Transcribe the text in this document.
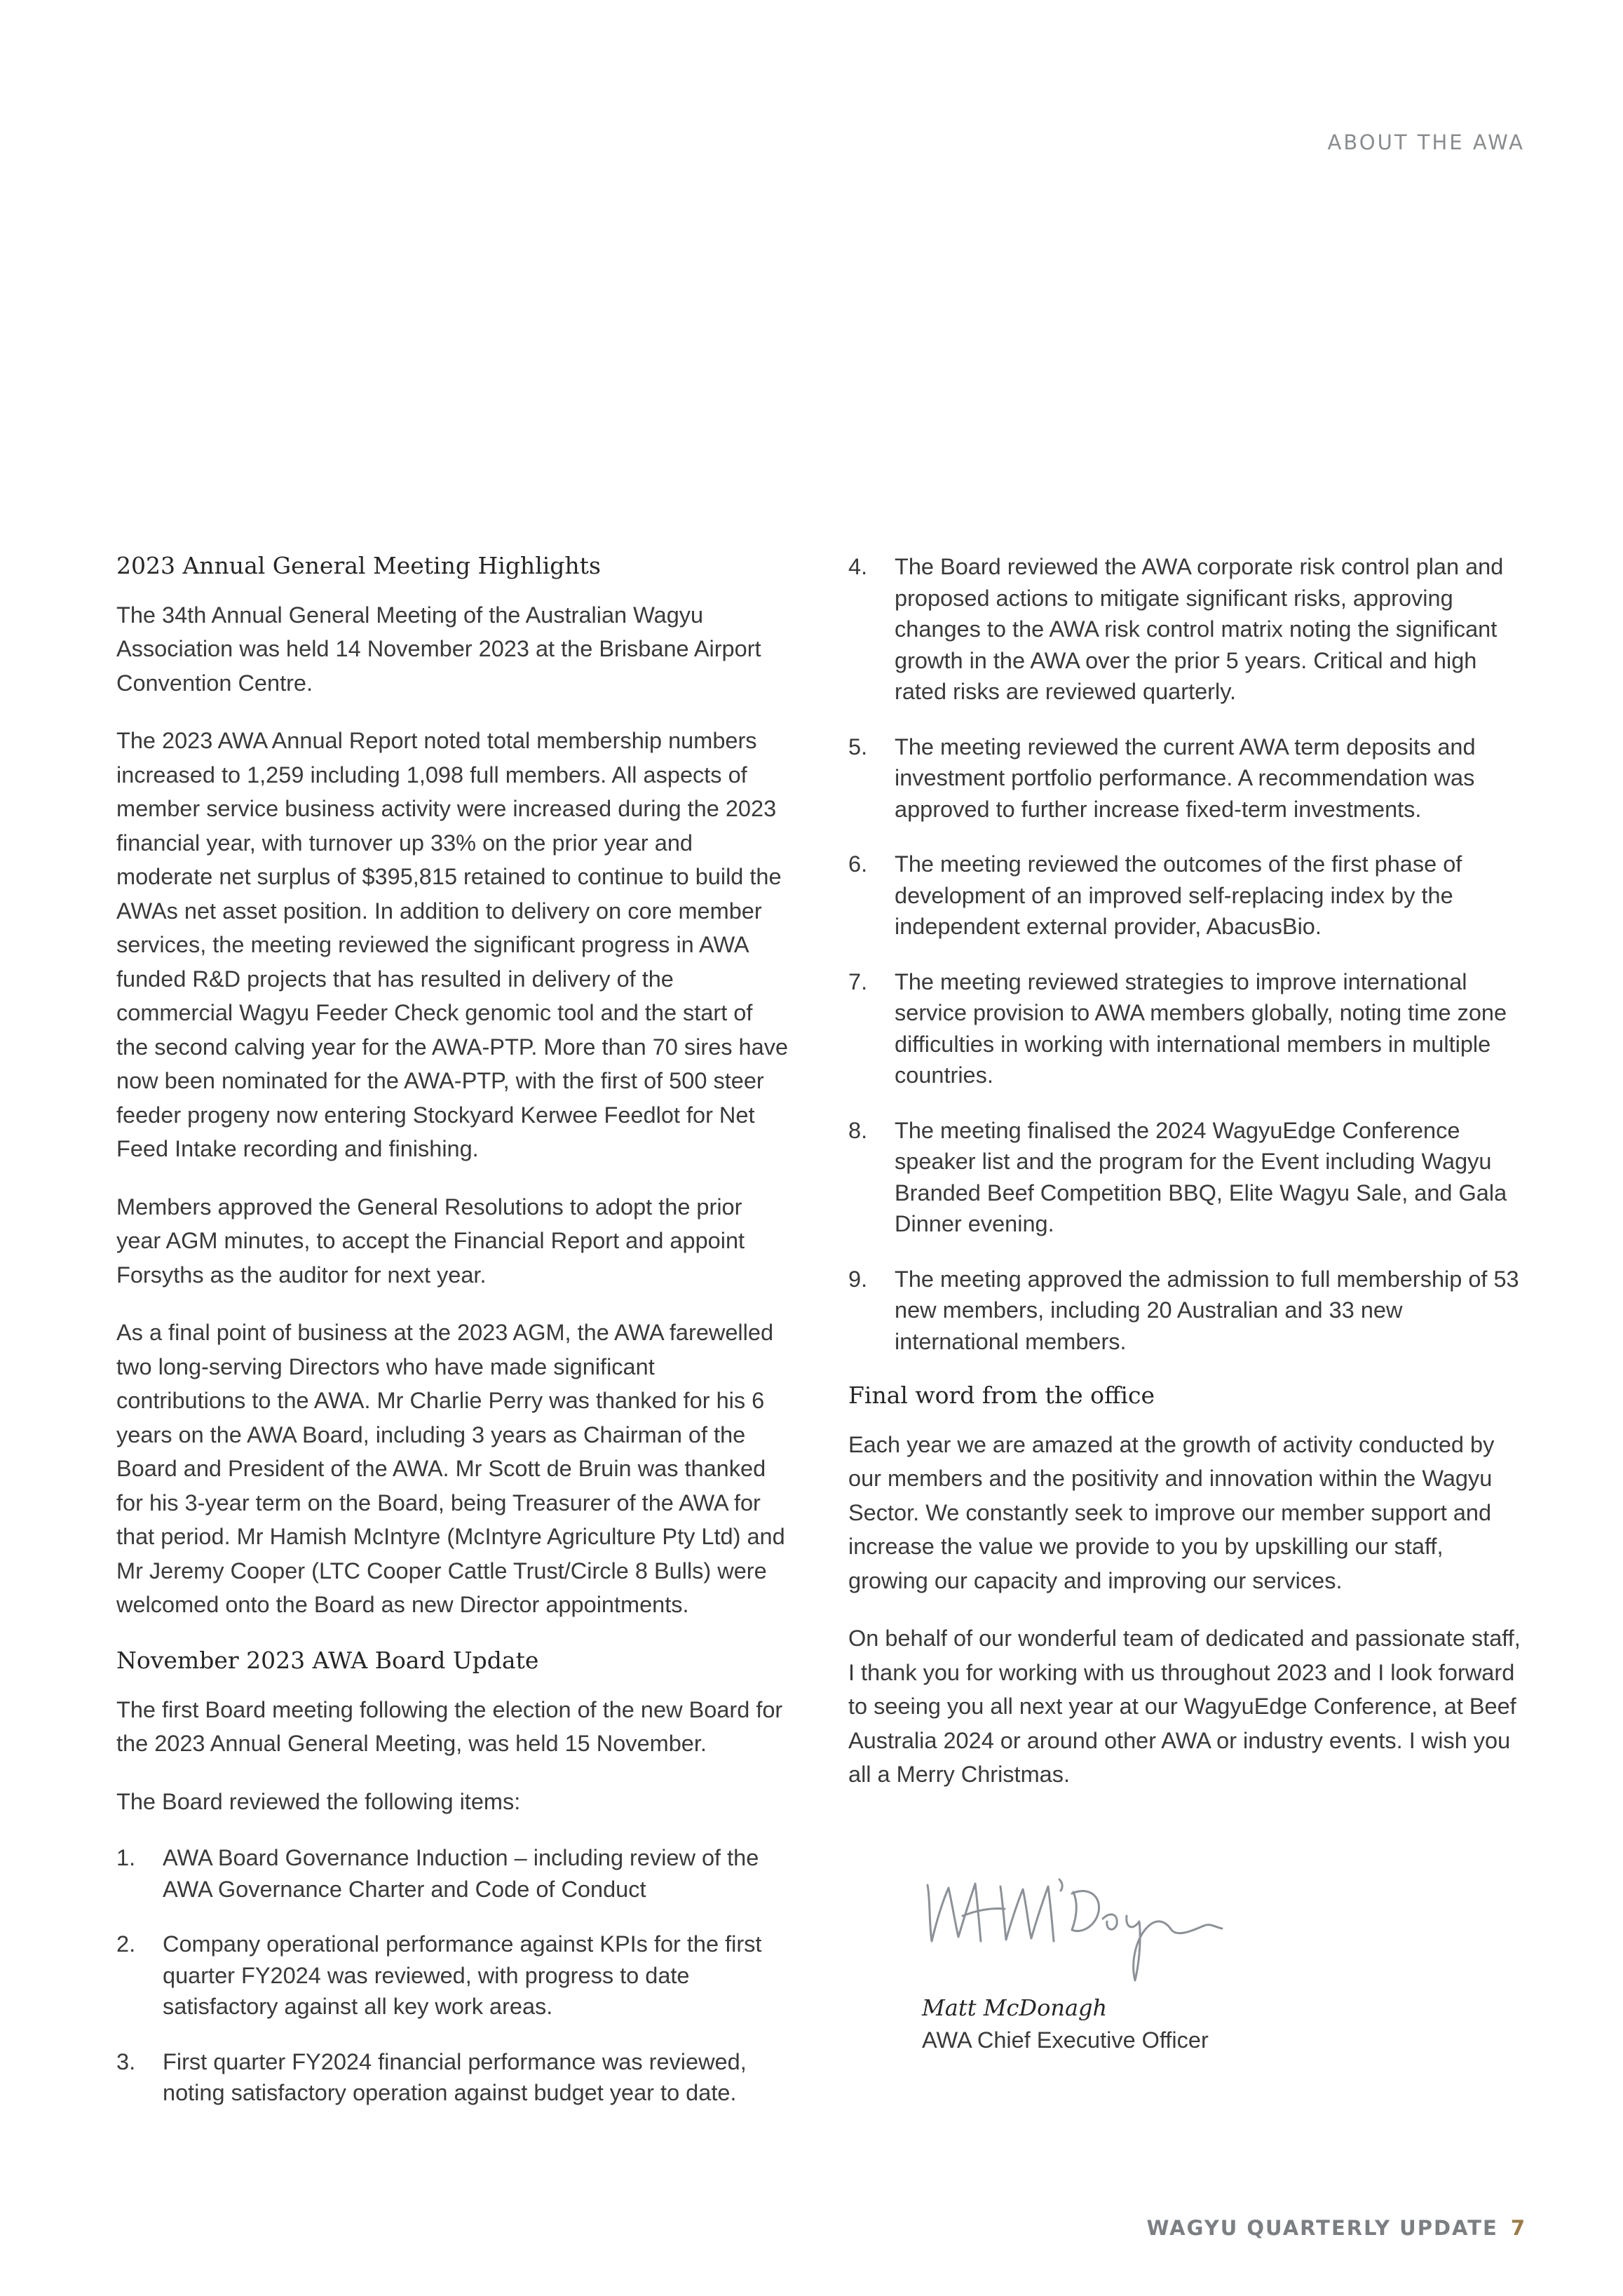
ABOUT THE AWA
2023 Annual General Meeting Highlights

The 34th Annual General Meeting of the Australian Wagyu Association was held 14 November 2023 at the Brisbane Airport Convention Centre.

The 2023 AWA Annual Report noted total membership numbers increased to 1,259 including 1,098 full members. All aspects of member service business activity were increased during the 2023 financial year, with turnover up 33% on the prior year and moderate net surplus of $395,815 retained to continue to build the AWAs net asset position. In addition to delivery on core member services, the meeting reviewed the significant progress in AWA funded R&D projects that has resulted in delivery of the commercial Wagyu Feeder Check genomic tool and the start of the second calving year for the AWA-PTP. More than 70 sires have now been nominated for the AWA-PTP, with the first of 500 steer feeder progeny now entering Stockyard Kerwee Feedlot for Net Feed Intake recording and finishing.

Members approved the General Resolutions to adopt the prior year AGM minutes, to accept the Financial Report and appoint Forsyths as the auditor for next year.

As a final point of business at the 2023 AGM, the AWA farewelled two long-serving Directors who have made significant contributions to the AWA. Mr Charlie Perry was thanked for his 6 years on the AWA Board, including 3 years as Chairman of the Board and President of the AWA. Mr Scott de Bruin was thanked for his 3-year term on the Board, being Treasurer of the AWA for that period. Mr Hamish McIntyre (McIntyre Agriculture Pty Ltd) and Mr Jeremy Cooper (LTC Cooper Cattle Trust/Circle 8 Bulls) were welcomed onto the Board as new Director appointments.

November 2023 AWA Board Update

The first Board meeting following the election of the new Board for the 2023 Annual General Meeting, was held 15 November.

The Board reviewed the following items:

1. AWA Board Governance Induction – including review of the AWA Governance Charter and Code of Conduct
2. Company operational performance against KPIs for the first quarter FY2024 was reviewed, with progress to date satisfactory against all key work areas.
3. First quarter FY2024 financial performance was reviewed, noting satisfactory operation against budget year to date.
4. The Board reviewed the AWA corporate risk control plan and proposed actions to mitigate significant risks, approving changes to the AWA risk control matrix noting the significant growth in the AWA over the prior 5 years. Critical and high rated risks are reviewed quarterly.
5. The meeting reviewed the current AWA term deposits and investment portfolio performance. A recommendation was approved to further increase fixed-term investments.
6. The meeting reviewed the outcomes of the first phase of development of an improved self-replacing index by the independent external provider, AbacusBio.
7. The meeting reviewed strategies to improve international service provision to AWA members globally, noting time zone difficulties in working with international members in multiple countries.
8. The meeting finalised the 2024 WagyuEdge Conference speaker list and the program for the Event including Wagyu Branded Beef Competition BBQ, Elite Wagyu Sale, and Gala Dinner evening.
9. The meeting approved the admission to full membership of 53 new members, including 20 Australian and 33 new international members.
Final word from the office

Each year we are amazed at the growth of activity conducted by our members and the positivity and innovation within the Wagyu Sector. We constantly seek to improve our member support and increase the value we provide to you by upskilling our staff, growing our capacity and improving our services.

On behalf of our wonderful team of dedicated and passionate staff, I thank you for working with us throughout 2023 and I look forward to seeing you all next year at our WagyuEdge Conference, at Beef Australia 2024 or around other AWA or industry events. I wish you all a Merry Christmas.

Matt McDonagh

AWA Chief Executive Officer

WAGYU QUARTERLY UPDATE 7
